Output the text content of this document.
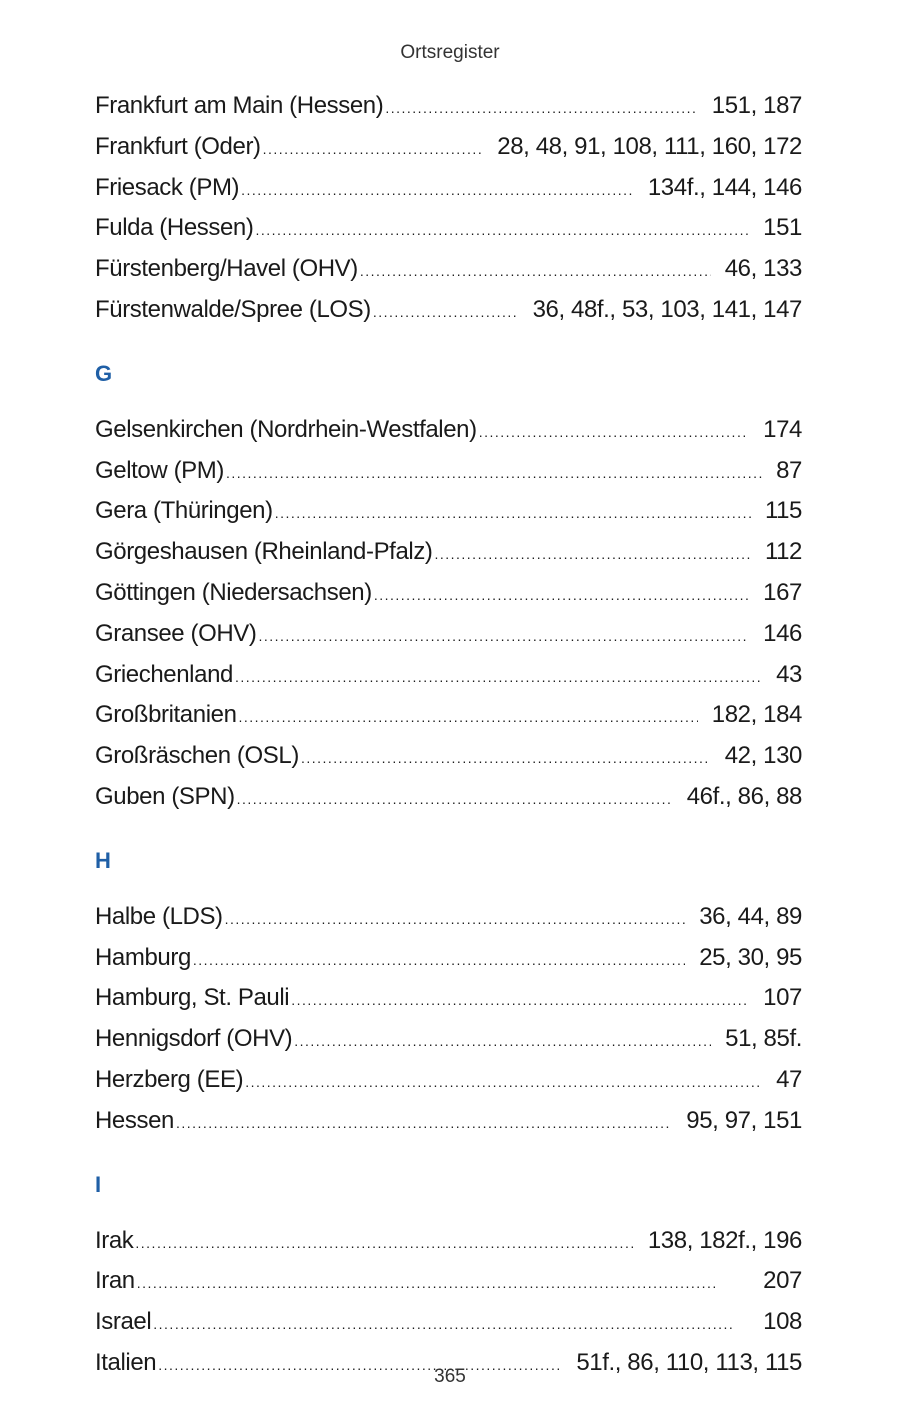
Ortsregister
Frankfurt am Main (Hessen) . . .	151, 187
Frankfurt (Oder) . . .	28, 48, 91, 108, 111, 160, 172
Friesack (PM) . . .	134f., 144, 146
Fulda (Hessen) . . .	151
Fürstenberg/Havel (OHV) . . .	46, 133
Fürstenwalde/Spree (LOS) . . .	36, 48f., 53, 103, 141, 147
G
Gelsenkirchen (Nordrhein-Westfalen) . . .	174
Geltow (PM) . . .	87
Gera (Thüringen) . . .	115
Görgeshausen (Rheinland-Pfalz) . . .	112
Göttingen (Niedersachsen) . . .	167
Gransee (OHV) . . .	146
Griechenland . . .	43
Großbritanien . . .	182, 184
Großräschen (OSL) . . .	42, 130
Guben (SPN) . . .	46f., 86, 88
H
Halbe (LDS) . . .	36, 44, 89
Hamburg . . .	25, 30, 95
Hamburg, St. Pauli . . .	107
Hennigsdorf (OHV) . . .	51, 85f.
Herzberg (EE) . . .	47
Hessen . . .	95, 97, 151
I
Irak . . .	138, 182f., 196
Iran . . .	207
Israel . . .	108
Italien . . .	51f., 86, 110, 113, 115
365
